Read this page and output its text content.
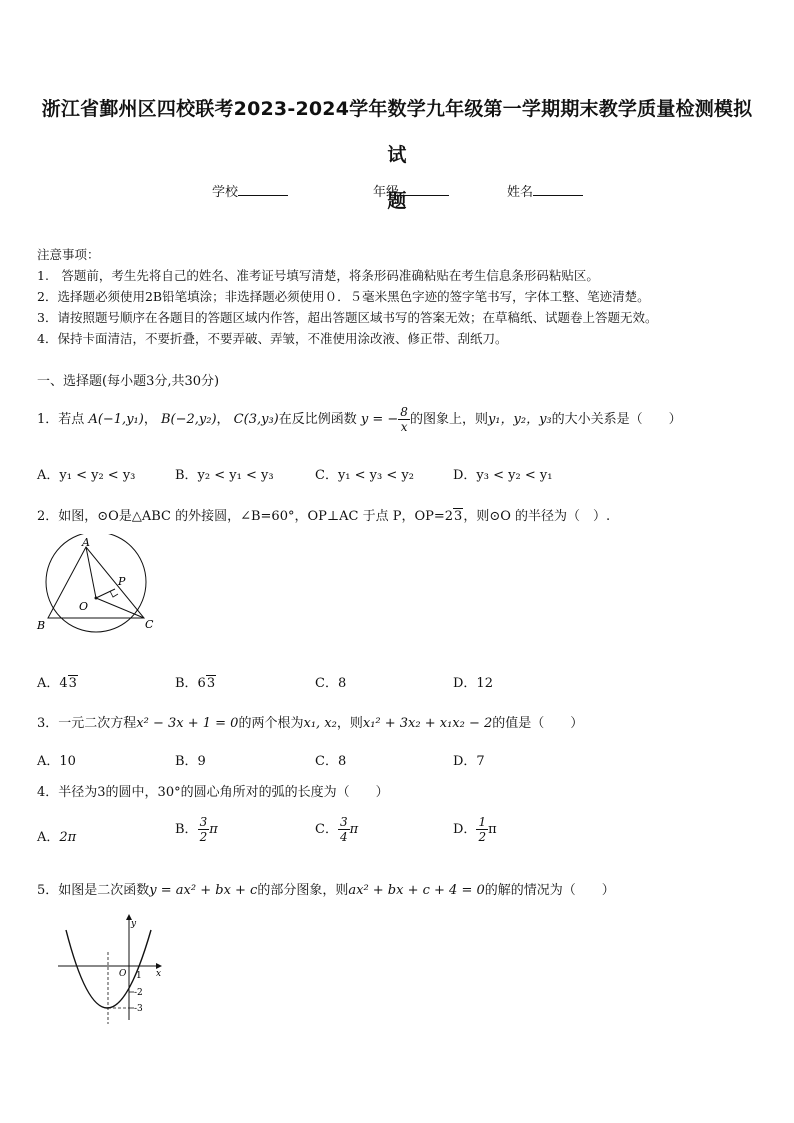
浙江省鄞州区四校联考2023-2024学年数学九年级第一学期期末教学质量检测模拟试
题
学校	年级	姓名
注意事项：
1.　答题前，考生先将自己的姓名、准考证号填写清楚，将条形码准确粘贴在考生信息条形码粘贴区。
2．选择题必须使用2B铅笔填涂；非选择题必须使用０．５毫米黑色字迹的签字笔书写，字体工整、笔迹清楚。
3．请按照题号顺序在各题目的答题区域内作答，超出答题区域书写的答案无效；在草稿纸、试题卷上答题无效。
4．保持卡面清洁，不要折叠，不要弄破、弄皱，不准使用涂改液、修正带、刮纸刀。
一、选择题(每小题3分,共30分)
1．若点 A(−1,y₁)， B(−2,y₂)， C(3,y₃)在反比例函数 y = − $\frac{8}{x}$ 的图象上，则y₁，y₂，y₃的大小关系是（　　）
A．y₁ < y₂ < y₃	B．y₂ < y₁ < y₃	C．y₁ < y₃ < y₂	D．y₃ < y₂ < y₁
2．如图，⊙O是△ABC 的外接圆，∠B=60°，OP⊥AC 于点 P，OP=23，则⊙O 的半径为（　）.
A
B	C
O
P
A．43	B．63	C．8	D．12
3．一元二次方程x² − 3x + 1 = 0的两个根为x₁, x₂，则x₁² + 3x₂ + x₁x₂ − 2的值是（　　）
A．10	B．9	C．8	D．7
4．半径为3的圆中，30°的圆心角所对的弧的长度为（　　）
A．2π
B． $\frac{3}{2}$ π	C． $\frac{3}{4}$ π	D． $\frac{1}{2}$ π
5．如图是二次函数y = ax² + bx + c的部分图象，则ax² + bx + c + 4 = 0的解的情况为（　　）
y
x
O 1
-2
-3
